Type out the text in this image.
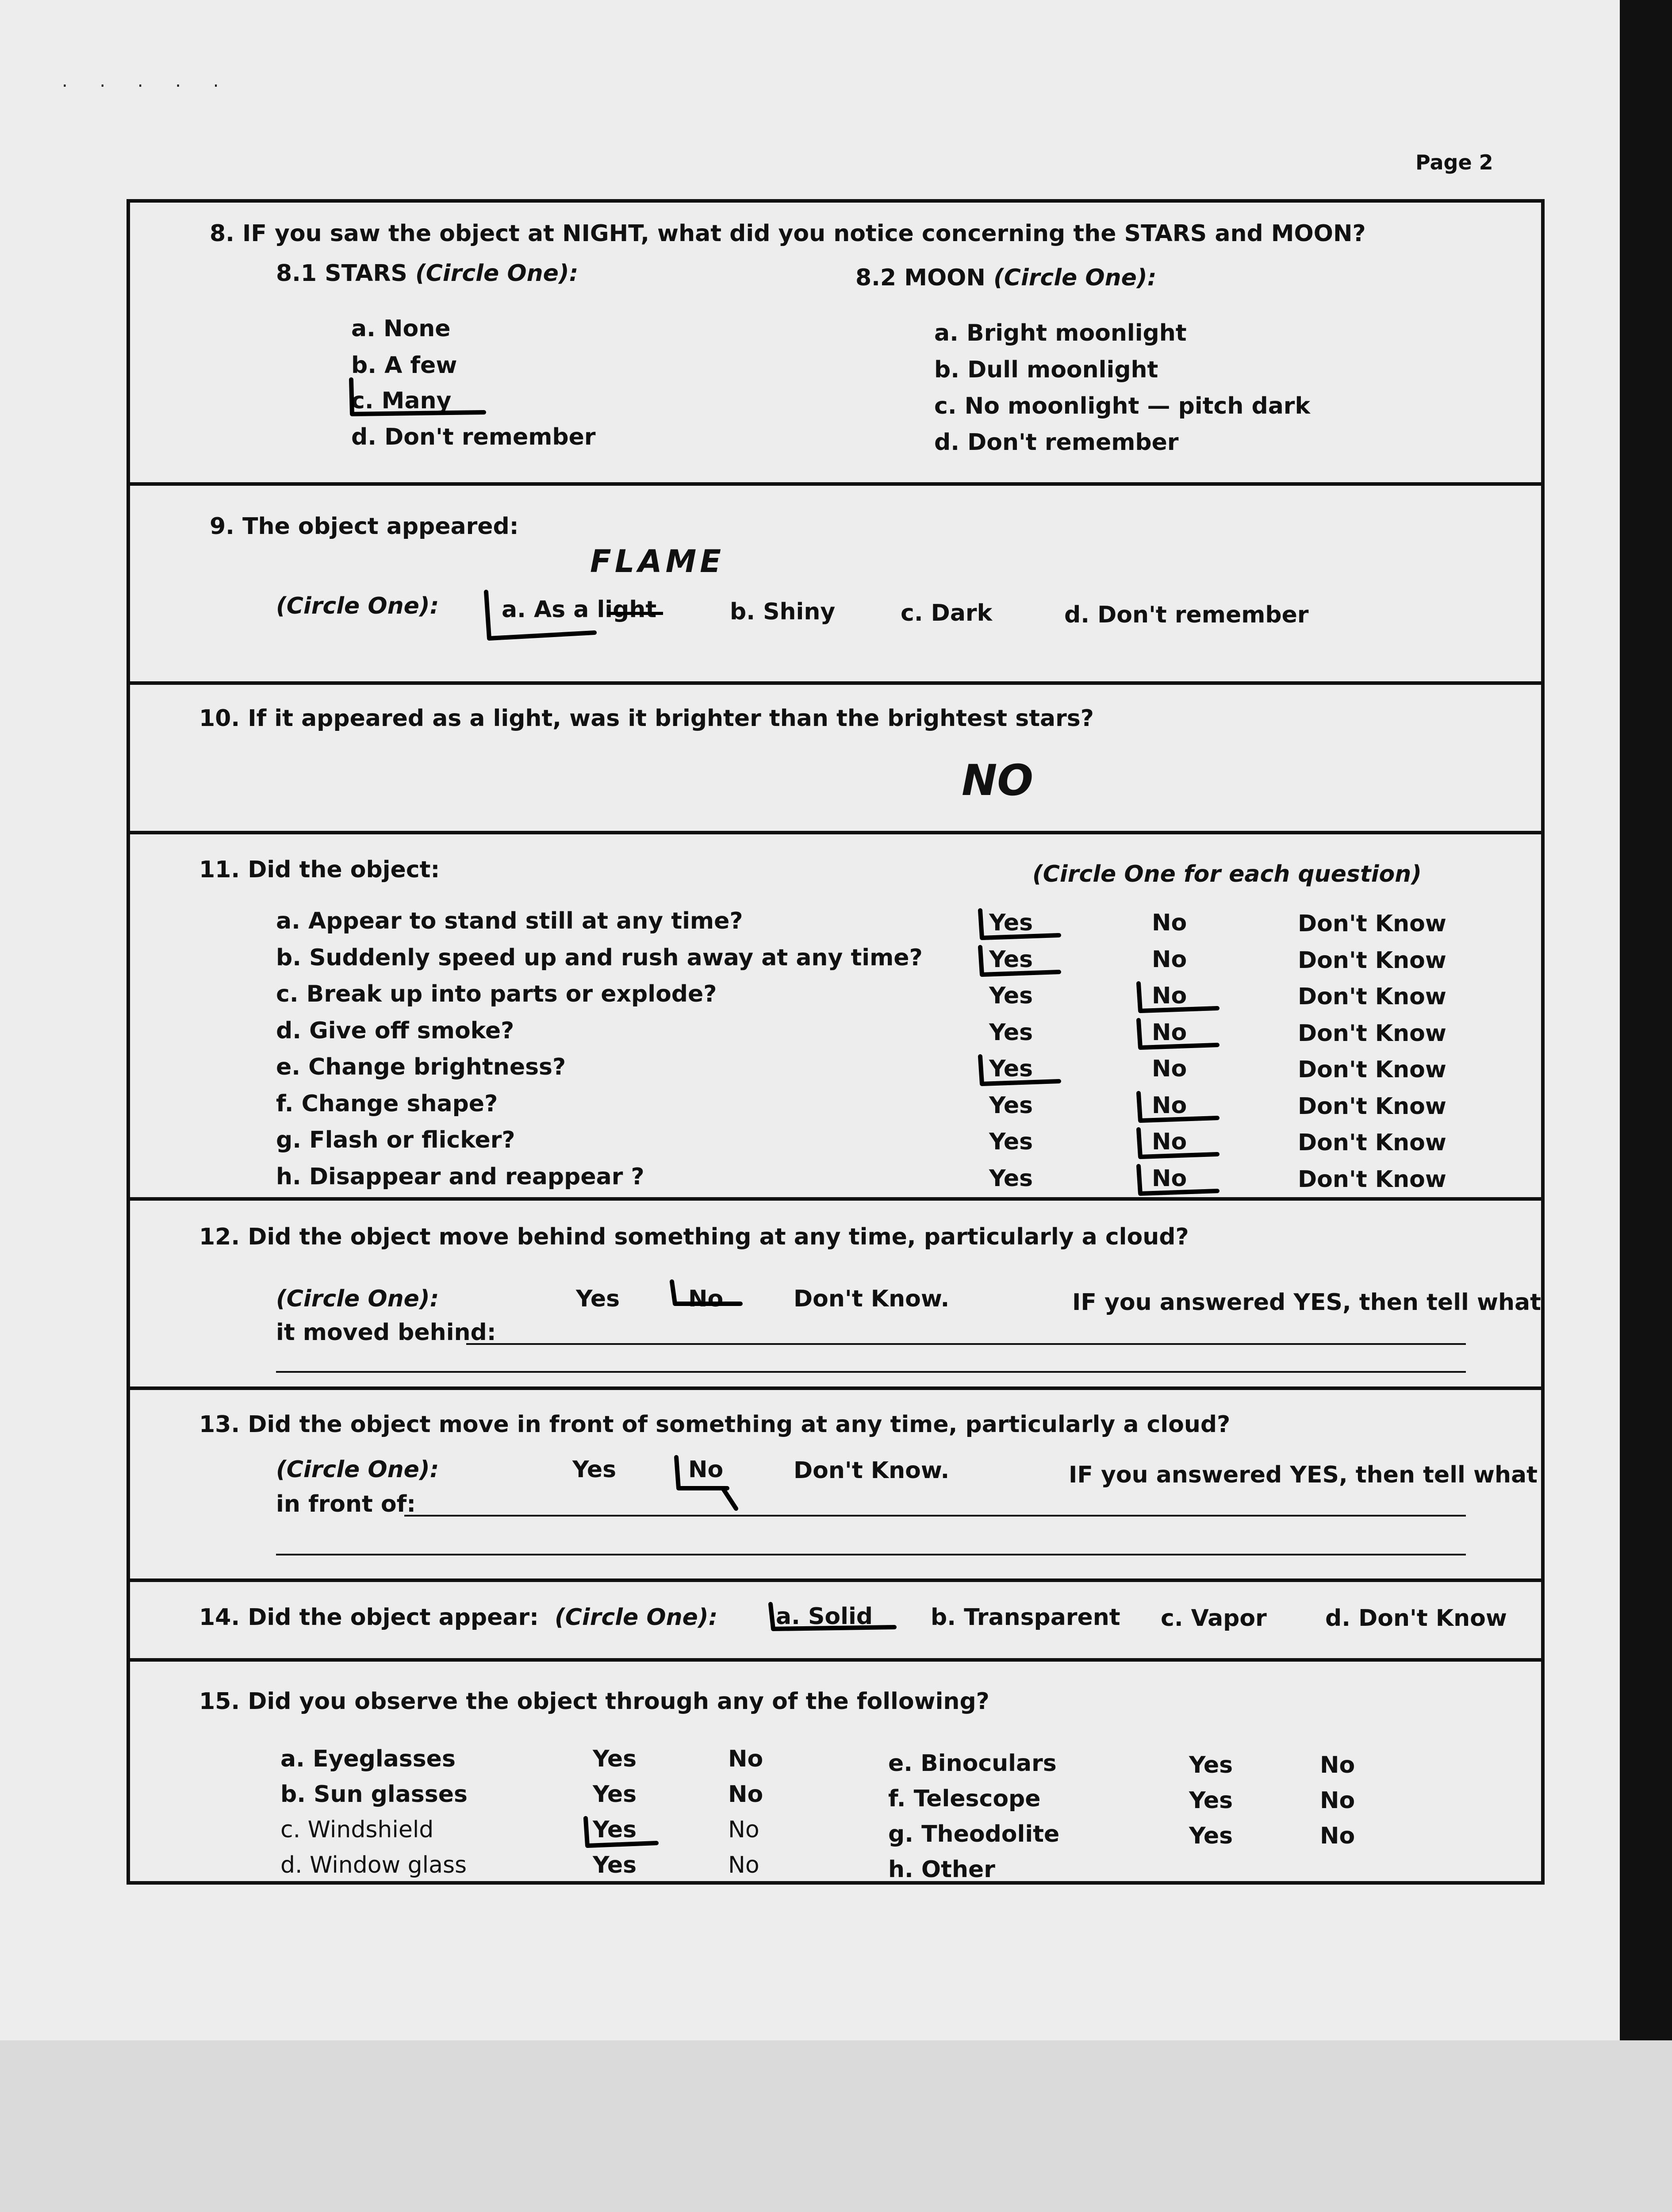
. . . . .
Page 2
8. IF you saw the object at NIGHT, what did you notice concerning the STARS and MOON?
8.1 STARS (Circle One):	8.2 MOON (Circle One):
a. None
b. A few
c. Many
d. Don't remember
a. Bright moonlight
b. Dull moonlight
c. No moonlight — pitch dark
d. Don't remember
9. The object appeared:
(Circle One):	a. As a light
FLAME
b. Shiny	c. Dark	d. Don't remember
10. If it appeared as a light, was it brighter than the brightest stars?
NO
11. Did the object:	(Circle One for each question)
a. Appear to stand still at any time?	Yes	No	Don't Know
b. Suddenly speed up and rush away at any time?	Yes	No	Don't Know
c. Break up into parts or explode?	Yes	No	Don't Know
d. Give off smoke?	Yes	No	Don't Know
e. Change brightness?	Yes	No	Don't Know
f. Change shape?	Yes	No	Don't Know
g. Flash or flicker?	Yes	No	Don't Know
h. Disappear and reappear ?	Yes	No	Don't Know
12. Did the object move behind something at any time, particularly a cloud?
(Circle One):	Yes	No	Don't Know.	IF you answered YES, then tell what
it moved behind:
13. Did the object move in front of something at any time, particularly a cloud?
(Circle One):	Yes	No	Don't Know.	IF you answered YES, then tell what
in front of:
14. Did the object appear: (Circle One):	a. Solid	b. Transparent c. Vapor	d. Don't Know
15. Did you observe the object through any of the following?
a. Eyeglasses	Yes	No
b. Sun glasses	Yes	No
c. Windshield	Yes	No
d. Window glass	Yes	No
e. Binoculars	Yes	No
f. Telescope	Yes	No
g. Theodolite	Yes	No
h. Other
